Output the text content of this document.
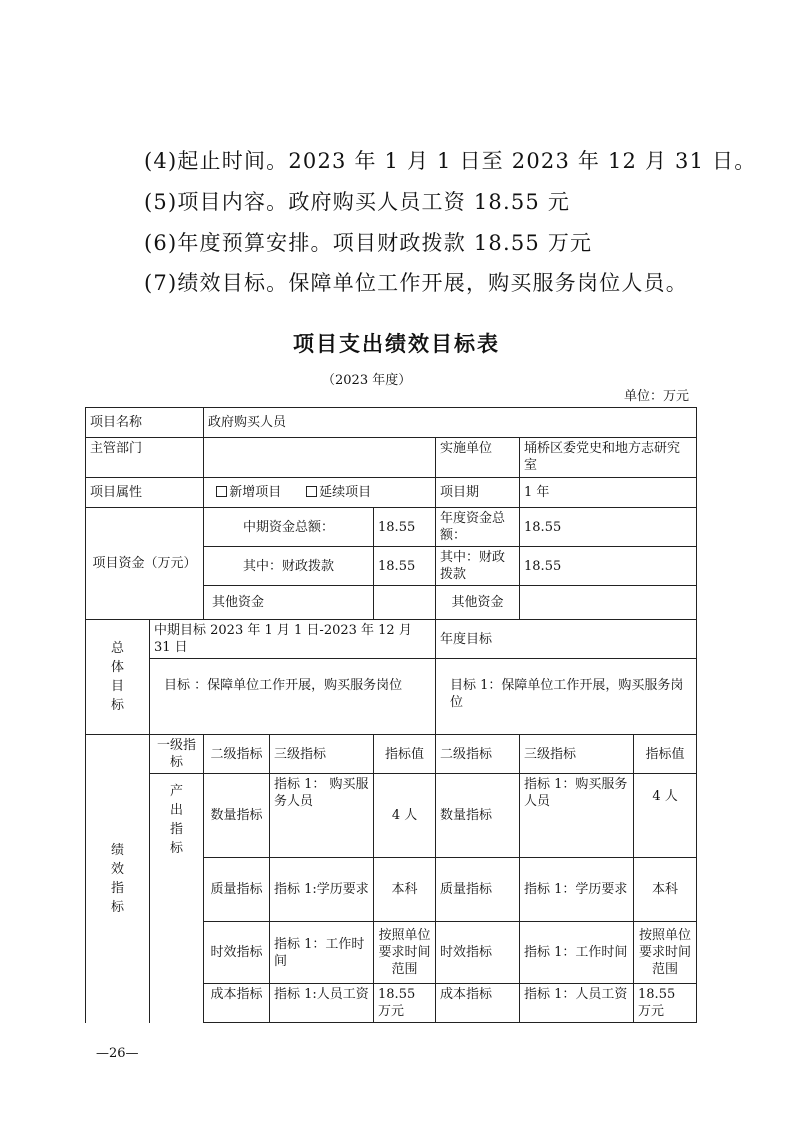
(4)起止时间。2023 年 1 月 1 日至 2023 年 12 月 31 日。
(5)项目内容。政府购买人员工资 18.55 元
(6)年度预算安排。项目财政拨款 18.55 万元
(7)绩效目标。保障单位工作开展，购买服务岗位人员。
项目支出绩效目标表
（2023 年度）
单位：万元
项目名称		政府购买人员					
主管部门					实施单位	埇桥区委党史和地方志研究室	
项目属性		新增项目 延续项目			项目期	1 年	
项目资金（万元）		中期资金总额：		18.55	年度资金总额：	18.55	
		其中：财政拨款		18.55	其中：财政拨款	18.55	
		其他资金			其他资金		
总体目标	中期目标 2023 年 1 月 1 日-2023 年 12 月 31 日				年度目标		
	目标 ：保障单位工作开展，购买服务岗位				目标 1：保障单位工作开展，购买服务岗位		
绩效指标	一级指标	二级指标	三级指标	指标值	二级指标	三级指标	指标值
	产出指标	数量指标	指标 1： 购买服务人员	4 人	数量指标	指标 1：购买服务人员	4 人
		质量指标	指标 1:学历要求	本科	质量指标	指标 1：学历要求	本科
		时效指标	指标 1：工作时间	按照单位要求时间范围	时效指标	指标 1：工作时间	按照单位要求时间范围
		成本指标	指标 1:人员工资	18.55 万元	成本指标	指标 1：人员工资	18.55 万元
—26—
